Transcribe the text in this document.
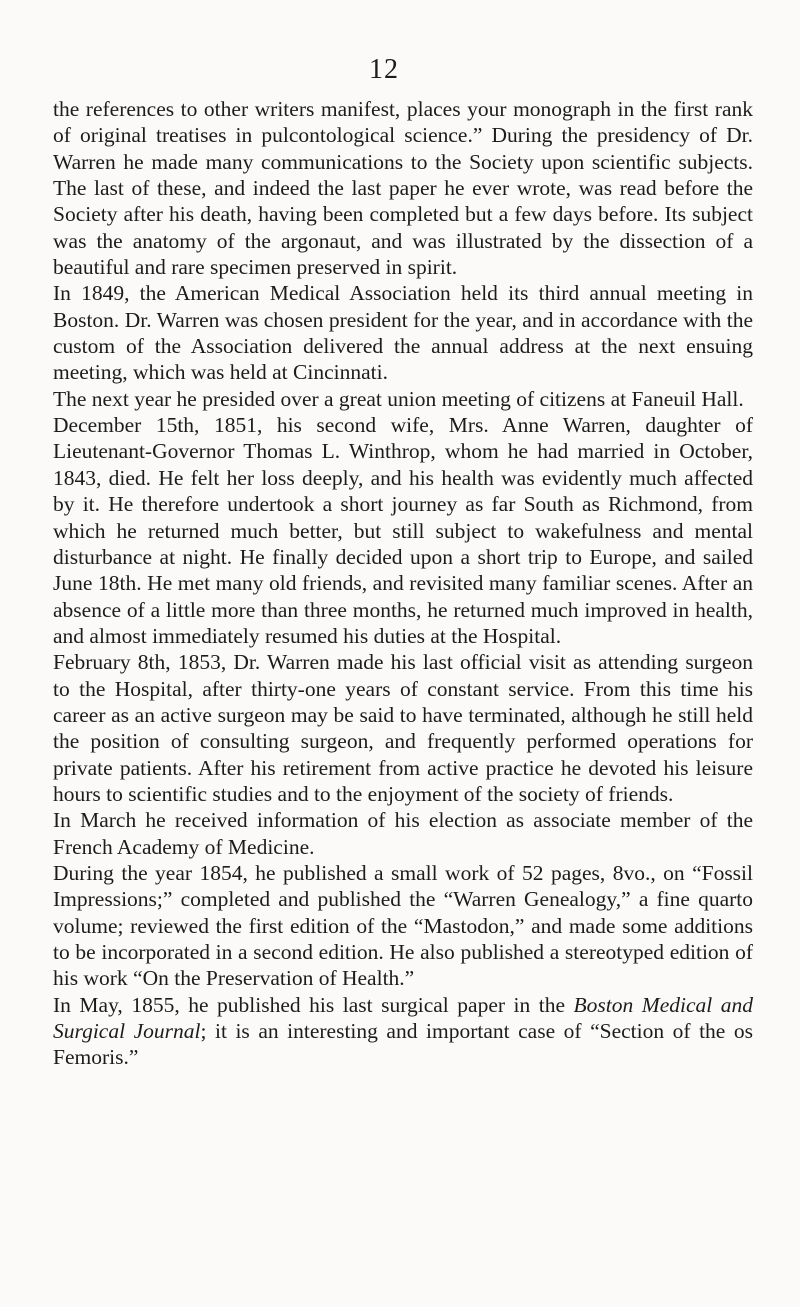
12

the references to other writers manifest, places your monograph in the first rank of original treatises in pulcontological science.” During the presidency of Dr. Warren he made many communications to the Society upon scientific subjects. The last of these, and indeed the last paper he ever wrote, was read before the Society after his death, having been completed but a few days before. Its subject was the anatomy of the argonaut, and was illustrated by the dissection of a beautiful and rare specimen preserved in spirit.

In 1849, the American Medical Association held its third annual meeting in Boston. Dr. Warren was chosen president for the year, and in accordance with the custom of the Association delivered the annual address at the next ensuing meeting, which was held at Cincinnati.

The next year he presided over a great union meeting of citizens at Faneuil Hall.

December 15th, 1851, his second wife, Mrs. Anne Warren, daughter of Lieutenant-Governor Thomas L. Winthrop, whom he had married in October, 1843, died. He felt her loss deeply, and his health was evidently much affected by it. He therefore undertook a short journey as far South as Richmond, from which he returned much better, but still subject to wakefulness and mental disturbance at night. He finally decided upon a short trip to Europe, and sailed June 18th. He met many old friends, and revisited many familiar scenes. After an absence of a little more than three months, he returned much improved in health, and almost immediately resumed his duties at the Hospital.

February 8th, 1853, Dr. Warren made his last official visit as attending surgeon to the Hospital, after thirty-one years of constant service. From this time his career as an active surgeon may be said to have terminated, although he still held the position of consulting surgeon, and frequently performed operations for private patients. After his retirement from active practice he devoted his leisure hours to scientific studies and to the enjoyment of the society of friends.

In March he received information of his election as associate member of the French Academy of Medicine.

During the year 1854, he published a small work of 52 pages, 8vo., on “Fossil Impressions;” completed and published the “Warren Genealogy,” a fine quarto volume; reviewed the first edition of the “Mastodon,” and made some additions to be incorporated in a second edition. He also published a stereotyped edition of his work “On the Preservation of Health.”

In May, 1855, he published his last surgical paper in the Boston Medical and Surgical Journal; it is an interesting and important case of “Section of the os Femoris.”
